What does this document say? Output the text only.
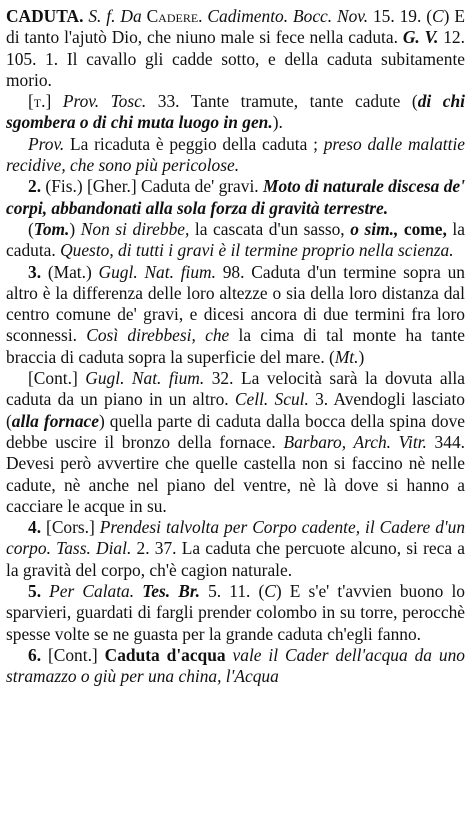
CADUTA. S. f. Da Cadere. Cadimento. Bocc. Nov. 15. 19. (C) E di tanto l'ajutò Dio, che niuno male si fece nella caduta. G. V. 12. 105. 1. Il cavallo gli cadde sotto, e della caduta subitamente morio.

[t.] Prov. Tosc. 33. Tante tramute, tante cadute (di chi sgombera o di chi muta luogo in gen.).

Prov. La ricaduta è peggio della caduta ; preso dalle malattie recidive, che sono più pericolose.

2. (Fis.) [Gher.] Caduta de' gravi. Moto di naturale discesa de' corpi, abbandonati alla sola forza di gravità terrestre.

(Tom.) Non si direbbe, la cascata d'un sasso, o sim., come, la caduta. Questo, di tutti i gravi è il termine proprio nella scienza.

3. (Mat.) Gugl. Nat. fium. 98. Caduta d'un termine sopra un altro è la differenza delle loro altezze o sia della loro distanza dal centro comune de' gravi, e dicesi ancora di due termini fra loro sconnessi. Così direbbesi, che la cima di tal monte ha tante braccia di caduta sopra la superficie del mare. (Mt.)

[Cont.] Gugl. Nat. fium. 32. La velocità sarà la dovuta alla caduta da un piano in un altro. Cell. Scul. 3. Avendogli lasciato (alla fornace) quella parte di caduta dalla bocca della spina dove debbe uscire il bronzo della fornace. Barbaro, Arch. Vitr. 344. Devesi però avvertire che quelle castella non si faccino nè nelle cadute, nè anche nel piano del ventre, nè là dove si hanno a cacciare le acque in su.

4. [Cors.] Prendesi talvolta per Corpo cadente, il Cadere d'un corpo. Tass. Dial. 2. 37. La caduta che percuote alcuno, si reca a la gravità del corpo, ch'è cagion naturale.

5. Per Calata. Tes. Br. 5. 11. (C) E s'e' t'avvien buono lo sparvieri, guardati di fargli prender colombo in su torre, perocchè spesse volte se ne guasta per la grande caduta ch'egli fanno.

6. [Cont.] Caduta d'acqua vale il Cader dell'acqua da uno stramazzo o giù per una china, l'Acqua
